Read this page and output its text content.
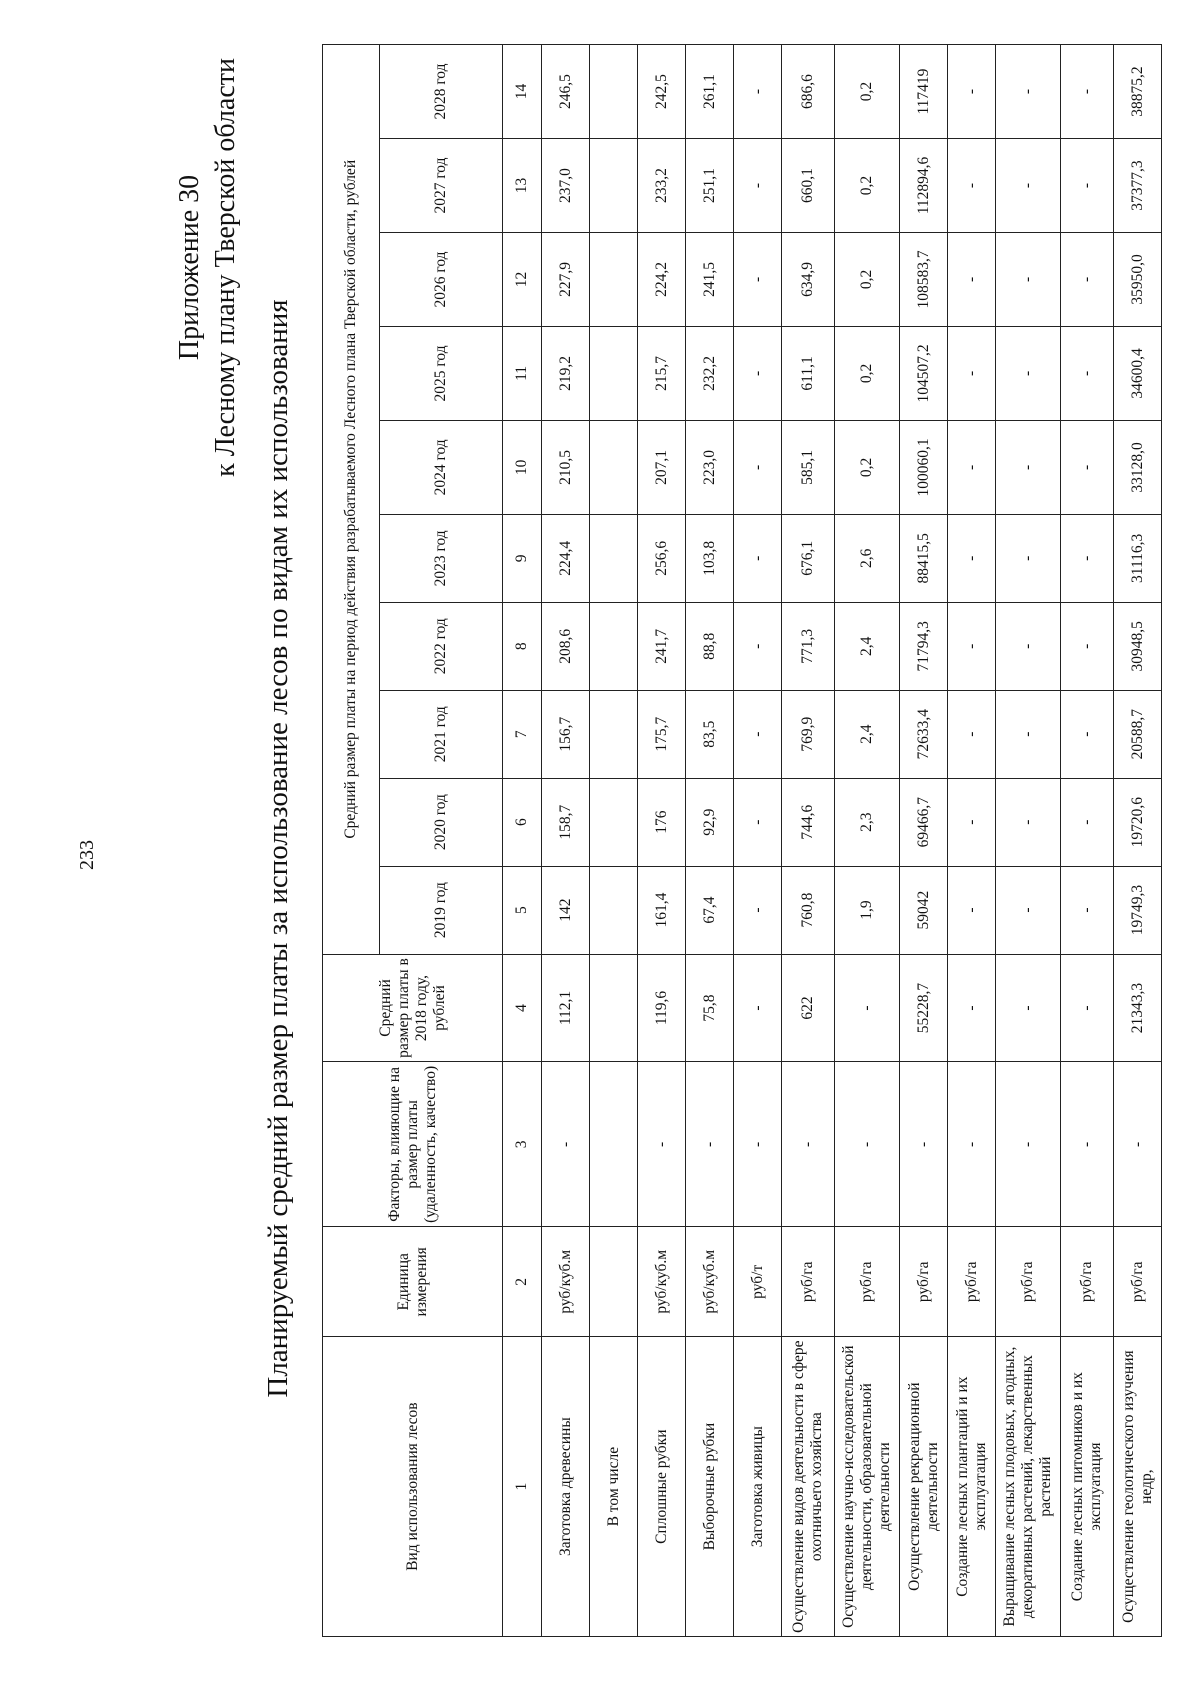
233
Приложение 30 к Лесному плану Тверской области
Планируемый средний размер платы за использование лесов по видам их использования
Вид использования лесов	Единица измерения	Факторы, влияющие на размер платы (удаленность, качество)	Средний размер платы в 2018 году, рублей	Средний размер платы на период действия разрабатываемого Лесного плана Тверской области, рублей									
				2019 год	2020 год	2021 год	2022 год	2023 год	2024 год	2025 год	2026 год	2027 год	2028 год
1	2	3	4	5	6	7	8	9	10	11	12	13	14
Заготовка древесины	руб/куб.м	-	112,1	142	158,7	156,7	208,6	224,4	210,5	219,2	227,9	237,0	246,5
В том числе													
Сплошные рубки	руб/куб.м	-	119,6	161,4	176	175,7	241,7	256,6	207,1	215,7	224,2	233,2	242,5
Выборочные рубки	руб/куб.м	-	75,8	67,4	92,9	83,5	88,8	103,8	223,0	232,2	241,5	251,1	261,1
Заготовка живицы	руб/т	-	-	-	-	-	-	-	-	-	-	-	-
Осуществление видов деятельности в сфере охотничьего хозяйства	руб/га	-	622	760,8	744,6	769,9	771,3	676,1	585,1	611,1	634,9	660,1	686,6
Осуществление научно-исследовательской деятельности, образовательной деятельности	руб/га	-	-	1,9	2,3	2,4	2,4	2,6	0,2	0,2	0,2	0,2	0,2
Осуществление рекреационной деятельности	руб/га	-	55228,7	59042	69466,7	72633,4	71794,3	88415,5	100060,1	104507,2	108583,7	112894,6	117419
Создание лесных плантаций и их эксплуатация	руб/га	-	-	-	-	-	-	-	-	-	-	-	-
Выращивание лесных плодовых, ягодных, декоративных растений, лекарственных растений	руб/га	-	-	-	-	-	-	-	-	-	-	-	-
Создание лесных питомников и их эксплуатация	руб/га	-	-	-	-	-	-	-	-	-	-	-	-
Осуществление геологического изучения недр,	руб/га	-	21343,3	19749,3	19720,6	20588,7	30948,5	31116,3	33128,0	34600,4	35950,0	37377,3	38875,2
